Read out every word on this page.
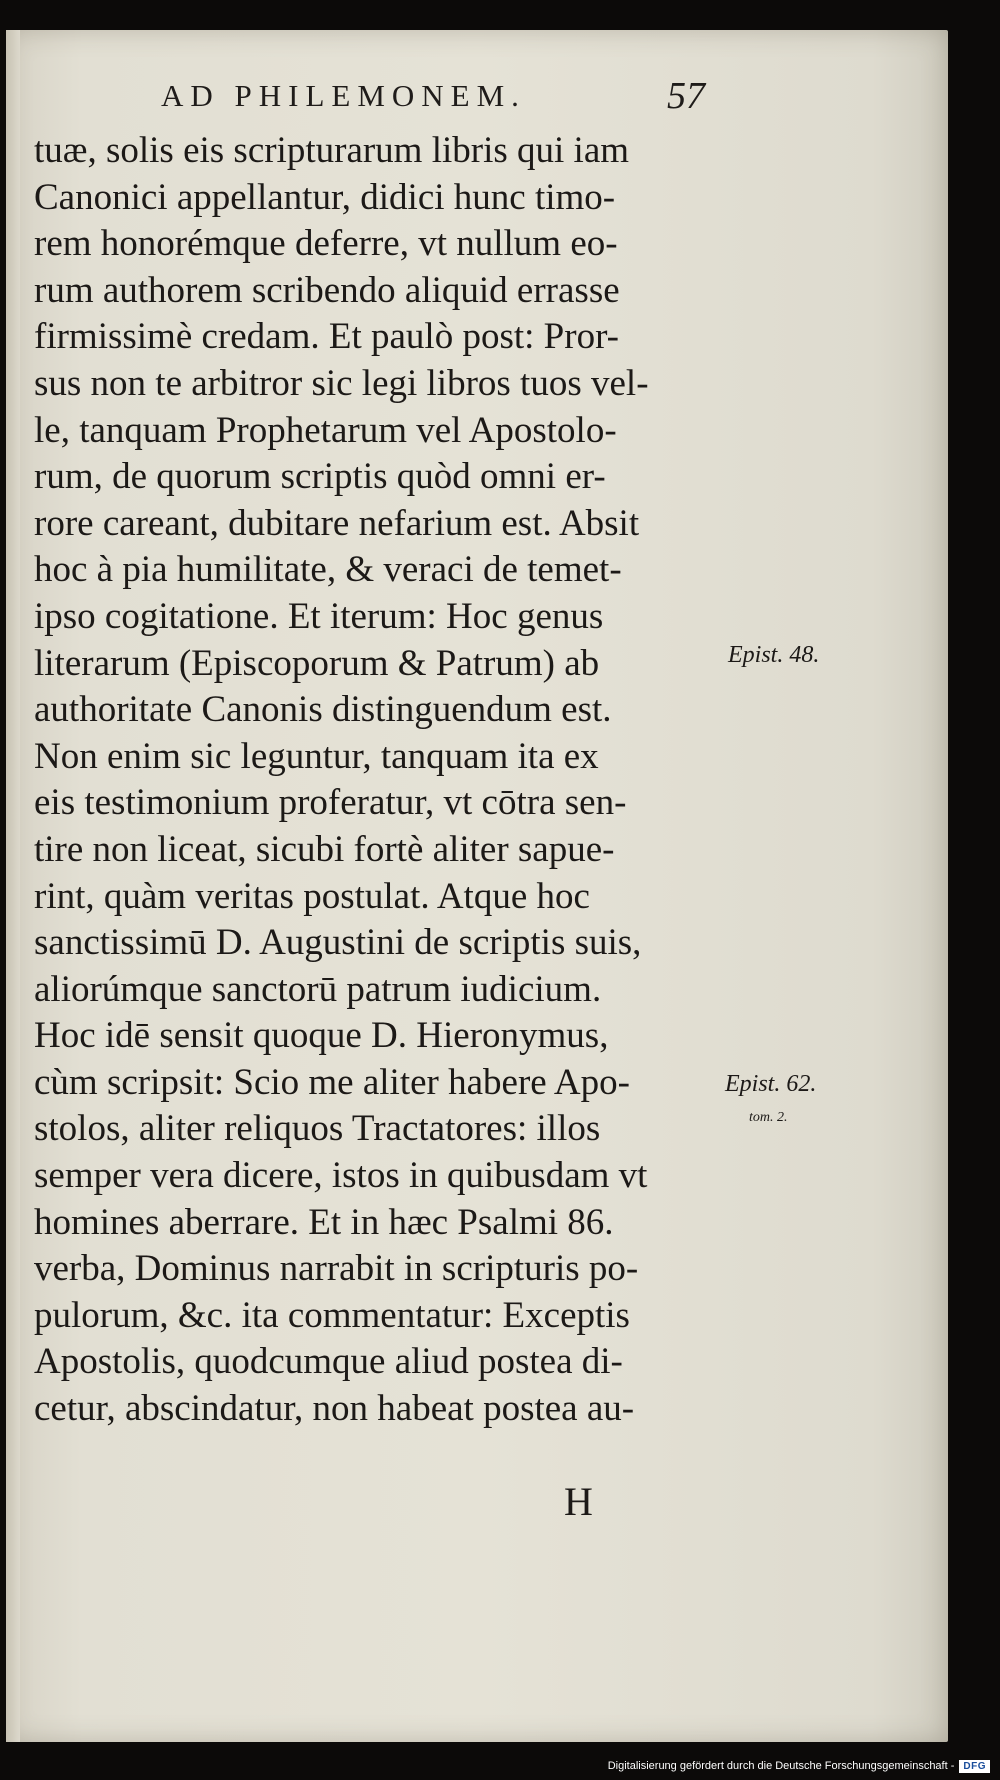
AD PHILEMONEM.	57
tuæ, solis eis scripturarum libris qui iam
Canonici appellantur, didici hunc timo-
rem honorémque deferre, vt nullum eo-
rum authorem scribendo aliquid errasse
firmissimè credam. Et paulò post: Pror-
sus non te arbitror sic legi libros tuos vel-
le, tanquam Prophetarum vel Apostolo-
rum, de quorum scriptis quòd omni er-
rore careant, dubitare nefarium est. Absit
hoc à pia humilitate, & veraci de temet-
ipso cogitatione. Et iterum: Hoc genus
literarum (Episcoporum & Patrum) ab
authoritate Canonis distinguendum est.
Non enim sic leguntur, tanquam ita ex
eis testimonium proferatur, vt cōtra sen-
tire non liceat, sicubi fortè aliter sapue-
rint, quàm veritas postulat. Atque hoc
sanctissimū D. Augustini de scriptis suis,
aliorúmque sanctorū patrum iudicium.
Hoc idē sensit quoque D. Hieronymus,
cùm scripsit: Scio me aliter habere Apo-
stolos, aliter reliquos Tractatores: illos
semper vera dicere, istos in quibusdam vt
homines aberrare. Et in hæc Psalmi 86.
verba, Dominus narrabit in scripturis po-
pulorum, &c. ita commentatur: Exceptis
Apostolis, quodcumque aliud postea di-
cetur, abscindatur, non habeat postea au-
Epist. 48.
Epist. 62.
tom. 2.
H
Digitalisierung gefördert durch die Deutsche Forschungsgemeinschaft - DFG
